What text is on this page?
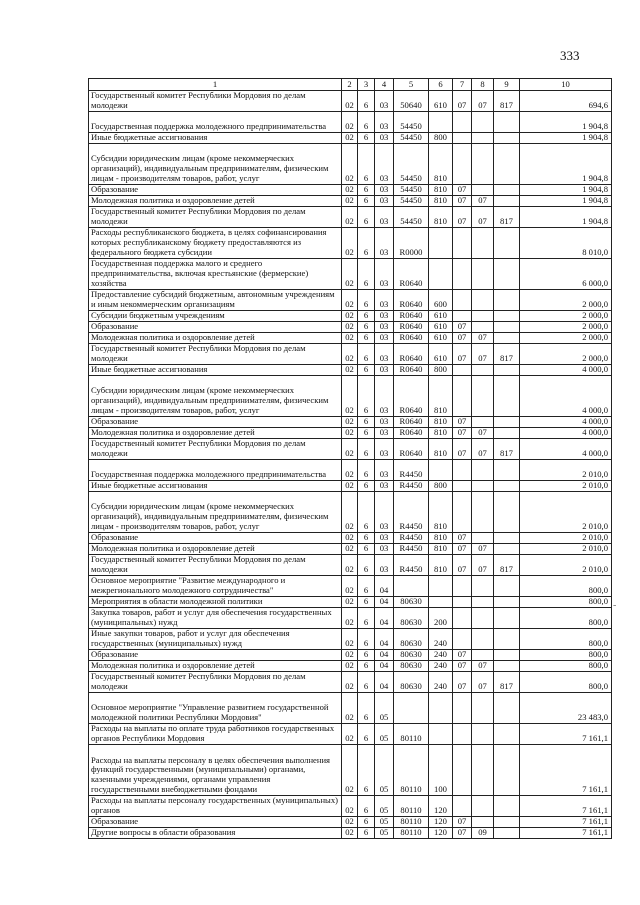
333
1	2	3	4	5	6	7	8	9	10
Государственный комитет Республики Мордовия по делам молодежи	02	6	03	50640	610	07	07	817	694,6
Государственная поддержка молодежного предпринимательства	02	6	03	54450					1 904,8
Иные бюджетные ассигнования	02	6	03	54450	800				1 904,8
Субсидии юридическим лицам (кроме некоммерческих организаций), индивидуальным предпринимателям, физическим лицам - производителям товаров, работ, услуг	02	6	03	54450	810				1 904,8
Образование	02	6	03	54450	810	07			1 904,8
Молодежная политика и оздоровление детей	02	6	03	54450	810	07	07		1 904,8
Государственный комитет Республики Мордовия по делам молодежи	02	6	03	54450	810	07	07	817	1 904,8
Расходы республиканского бюджета, в целях софинансирования которых республиканскому бюджету предоставляются из федерального бюджета субсидии	02	6	03	R0000					8 010,0
Государственная поддержка малого и среднего предпринимательства, включая крестьянские (фермерские) хозяйства	02	6	03	R0640					6 000,0
Предоставление субсидий бюджетным, автономным учреждениям и иным некоммерческим организациям	02	6	03	R0640	600				2 000,0
Субсидии бюджетным учреждениям	02	6	03	R0640	610				2 000,0
Образование	02	6	03	R0640	610	07			2 000,0
Молодежная политика и оздоровление детей	02	6	03	R0640	610	07	07		2 000,0
Государственный комитет Республики Мордовия по делам молодежи	02	6	03	R0640	610	07	07	817	2 000,0
Иные бюджетные ассигнования	02	6	03	R0640	800				4 000,0
Субсидии юридическим лицам (кроме некоммерческих организаций), индивидуальным предпринимателям, физическим лицам - производителям товаров, работ, услуг	02	6	03	R0640	810				4 000,0
Образование	02	6	03	R0640	810	07			4 000,0
Молодежная политика и оздоровление детей	02	6	03	R0640	810	07	07		4 000,0
Государственный комитет Республики Мордовия по делам молодежи	02	6	03	R0640	810	07	07	817	4 000,0
Государственная поддержка молодежного предпринимательства	02	6	03	R4450					2 010,0
Иные бюджетные ассигнования	02	6	03	R4450	800				2 010,0
Субсидии юридическим лицам (кроме некоммерческих организаций), индивидуальным предпринимателям, физическим лицам - производителям товаров, работ, услуг	02	6	03	R4450	810				2 010,0
Образование	02	6	03	R4450	810	07			2 010,0
Молодежная политика и оздоровление детей	02	6	03	R4450	810	07	07		2 010,0
Государственный комитет Республики Мордовия по делам молодежи	02	6	03	R4450	810	07	07	817	2 010,0
Основное мероприятие "Развитие международного и межрегионального молодежного сотрудничества"	02	6	04						800,0
Мероприятия в области молодежной политики	02	6	04	80630					800,0
Закупка товаров, работ и услуг для обеспечения государственных (муниципальных) нужд	02	6	04	80630	200				800,0
Иные закупки товаров, работ и услуг для обеспечения государственных (муниципальных) нужд	02	6	04	80630	240				800,0
Образование	02	6	04	80630	240	07			800,0
Молодежная политика и оздоровление детей	02	6	04	80630	240	07	07		800,0
Государственный комитет Республики Мордовия по делам молодежи	02	6	04	80630	240	07	07	817	800,0
Основное мероприятие "Управление развитием государственной молодежной политики Республики Мордовия"	02	6	05						23 483,0
Расходы на выплаты по оплате труда работников государственных органов Республики Мордовия	02	6	05	80110					7 161,1
Расходы на выплаты персоналу в целях обеспечения выполнения функций государственными (муниципальными) органами, казенными учреждениями, органами управления государственными внебюджетными фондами	02	6	05	80110	100				7 161,1
Расходы на выплаты персоналу государственных (муниципальных) органов	02	6	05	80110	120				7 161,1
Образование	02	6	05	80110	120	07			7 161,1
Другие вопросы в области образования	02	6	05	80110	120	07	09		7 161,1
-
